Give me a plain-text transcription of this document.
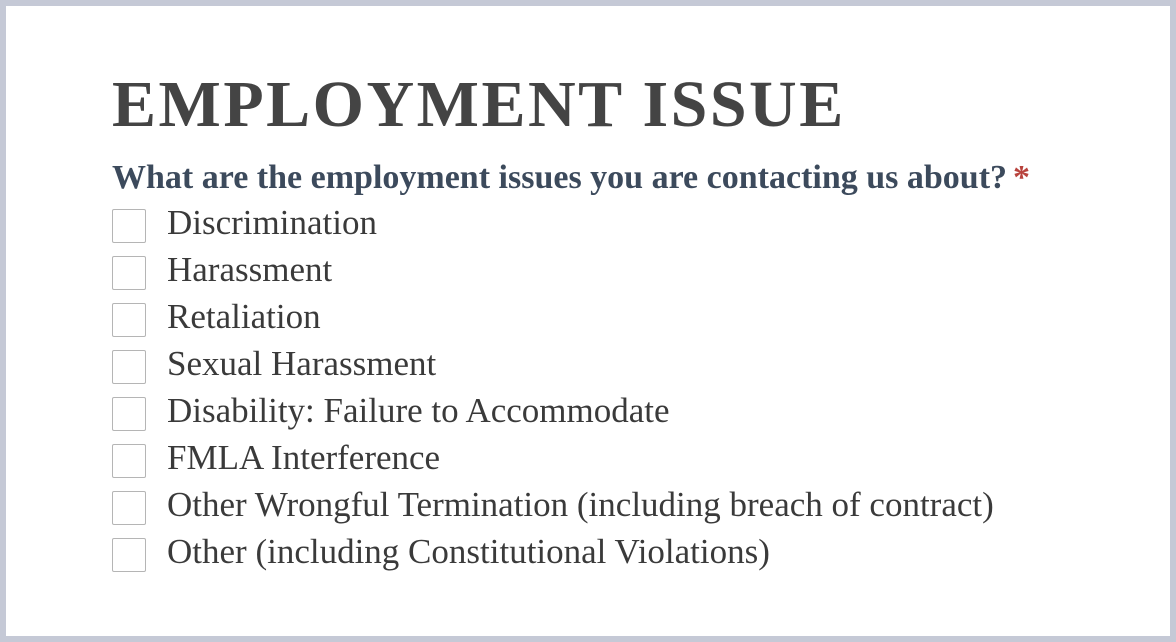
EMPLOYMENT ISSUE
What are the employment issues you are contacting us about? *
Discrimination
Harassment
Retaliation
Sexual Harassment
Disability: Failure to Accommodate
FMLA Interference
Other Wrongful Termination (including breach of contract)
Other (including Constitutional Violations)
